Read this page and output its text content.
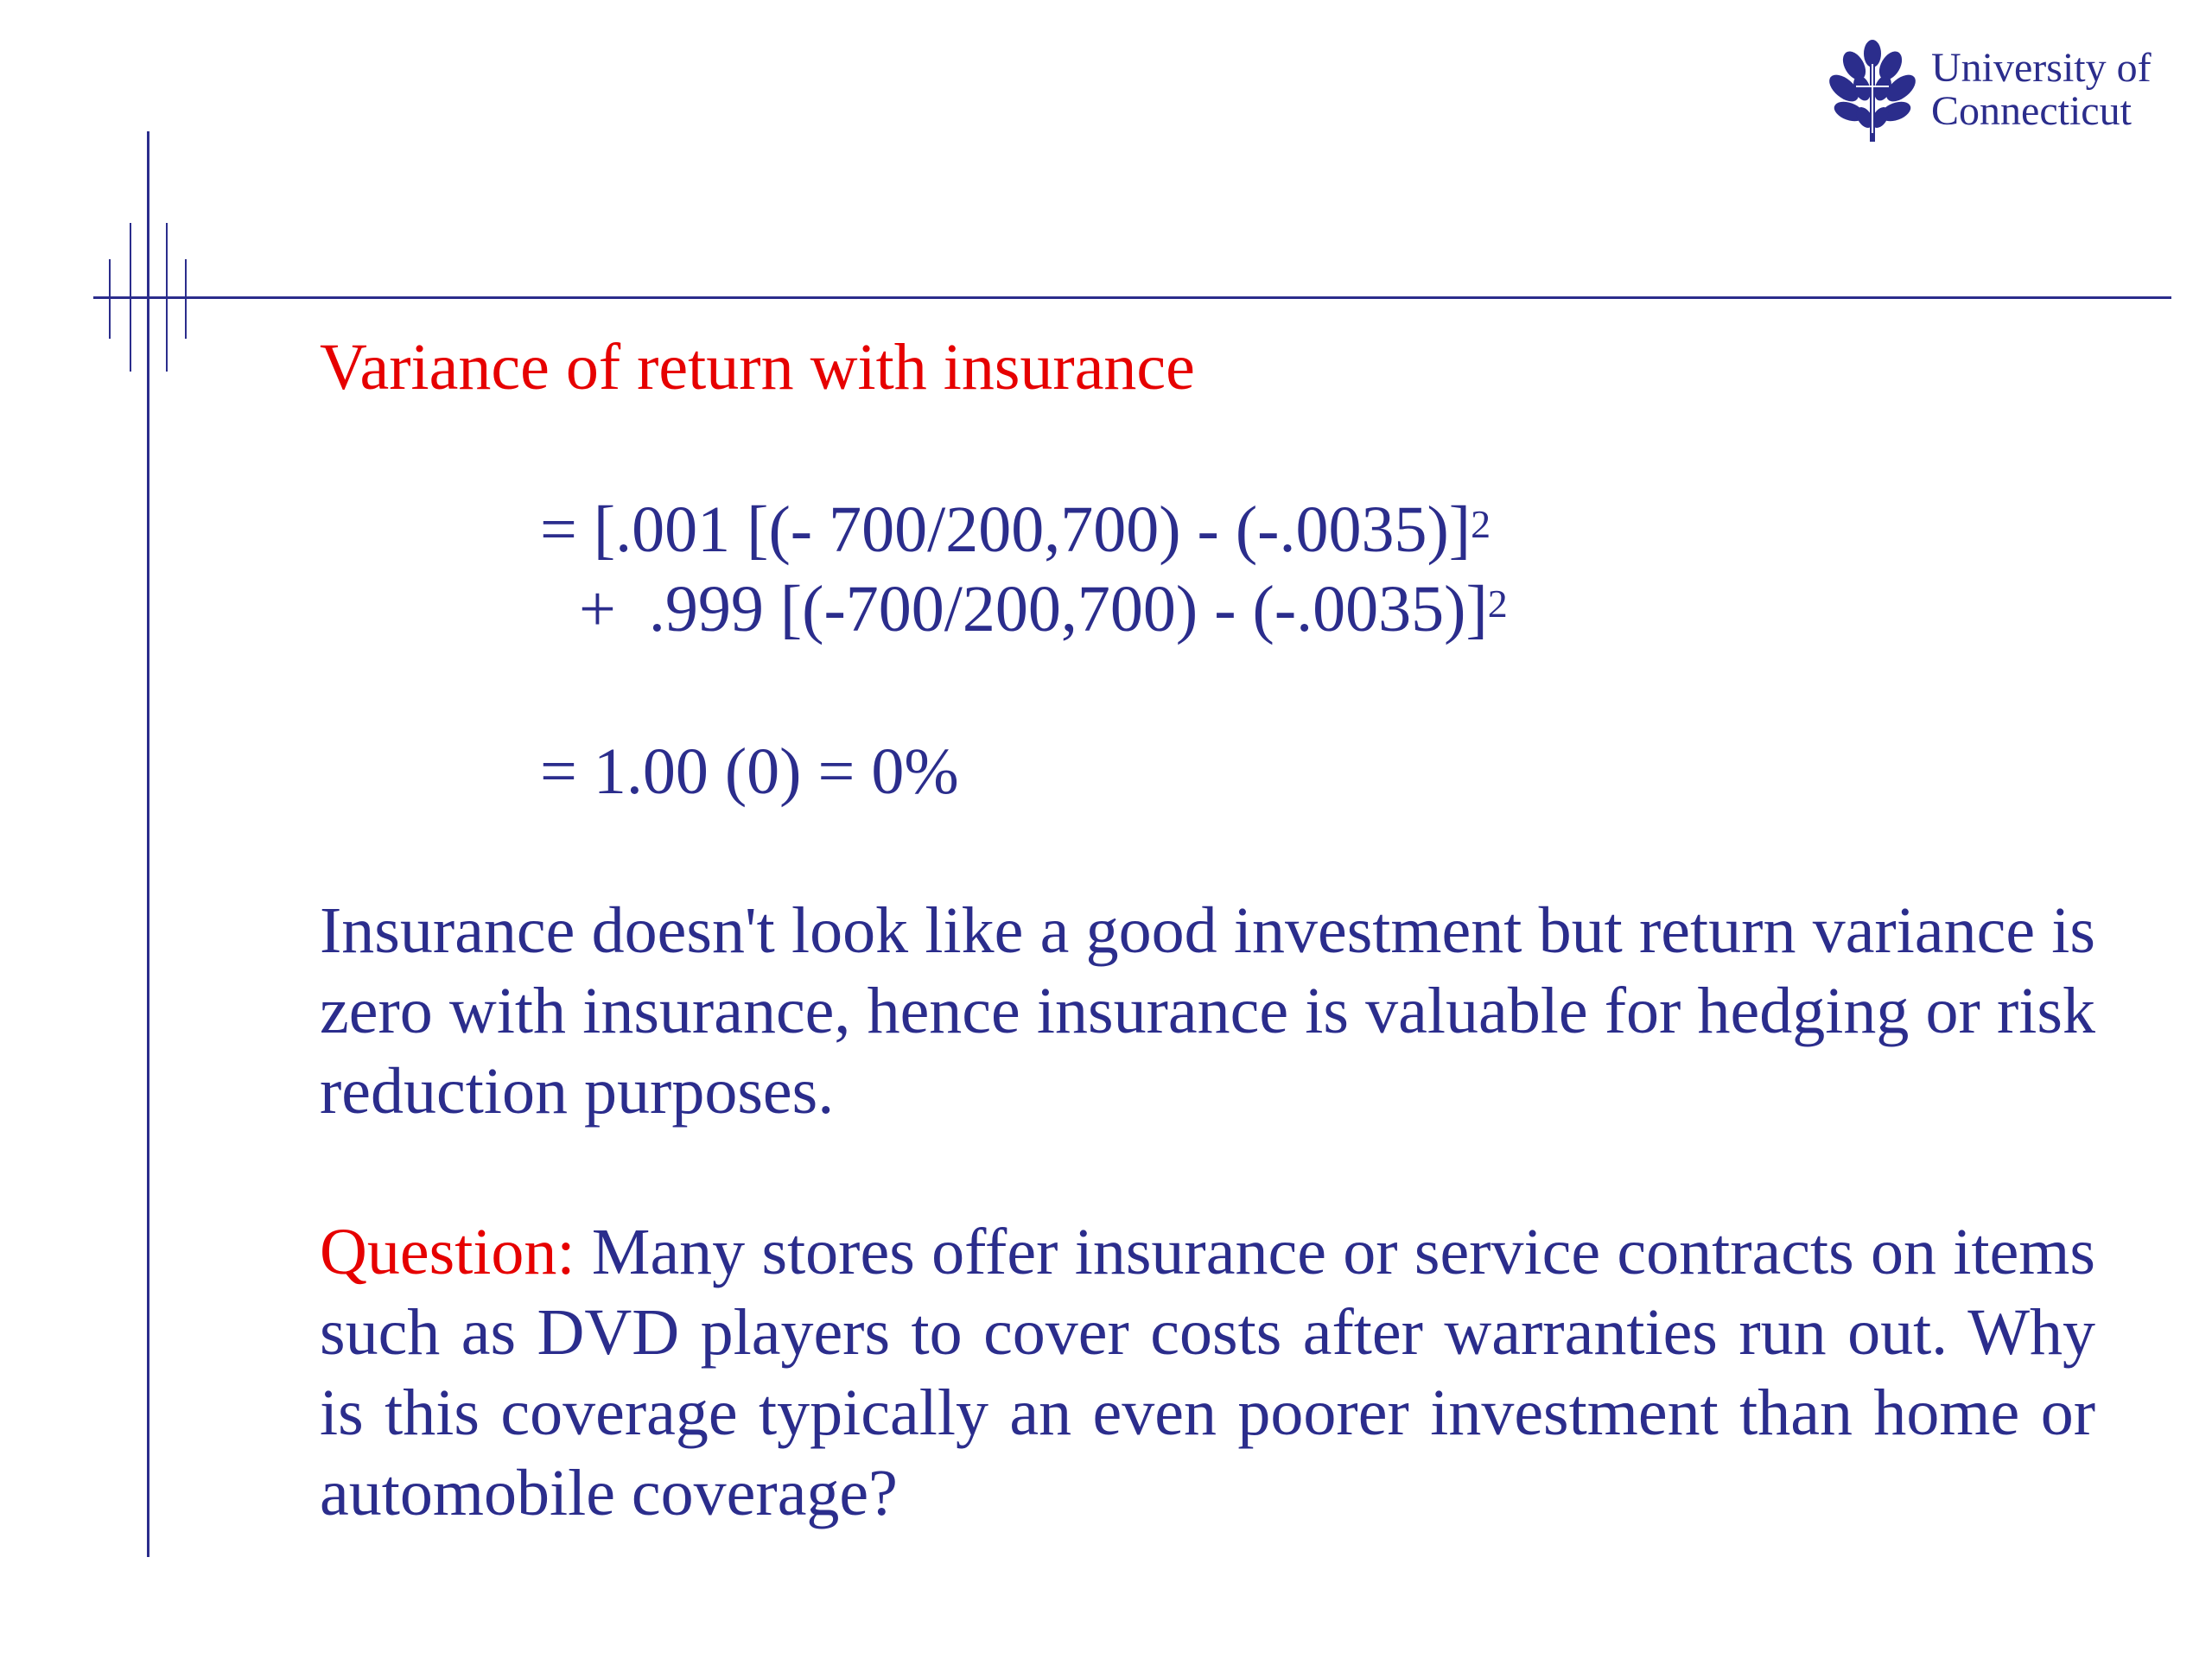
University of
Connecticut
Variance of return with insurance
= [.001 [(- 700/200,700) - (-.0035)]$^2$
+  .999 [(-700/200,700) - (-.0035)]$^2$
= 1.00 (0) = 0%

Insurance doesn't look like a good investment but return variance is zero with insurance, hence insurance is valuable for hedging or risk reduction purposes.

Question: Many stores offer insurance or service contracts on items such as DVD players to cover costs after warranties run out. Why is this coverage typically an even poorer investment than home or automobile coverage?
